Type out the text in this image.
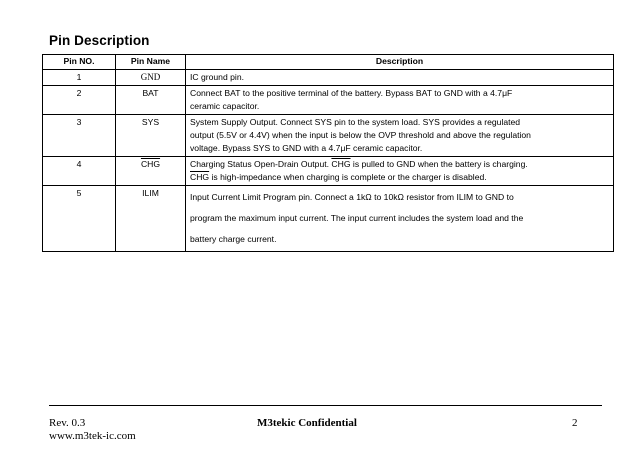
Pin Description
Pin NO.	Pin Name	Description
1	GND	IC ground pin.

2	BAT	Connect BAT to the positive terminal of the battery. Bypass BAT to GND with a 4.7μF
ceramic capacitor.

3	SYS	System Supply Output. Connect SYS pin to the system load. SYS provides a regulated
output (5.5V or 4.4V) when the input is below the OVP threshold and above the regulation
voltage. Bypass SYS to GND with a 4.7μF ceramic capacitor.

4	$\overline{CHG}$	Charging Status Open-Drain Output. $\overline{CHG}$ is pulled to GND when the battery is charging.
$\overline{CHG}$ is high-impedance when charging is complete or the charger is disabled.

5	ILIM	Input Current Limit Program pin. Connect a 1kΩ to 10kΩ resistor from ILIM to GND to
program the maximum input current. The input current includes the system load and the
battery charge current.
Rev. 0.3
www.m3tek-ic.com
M3tekic Confidential	2
